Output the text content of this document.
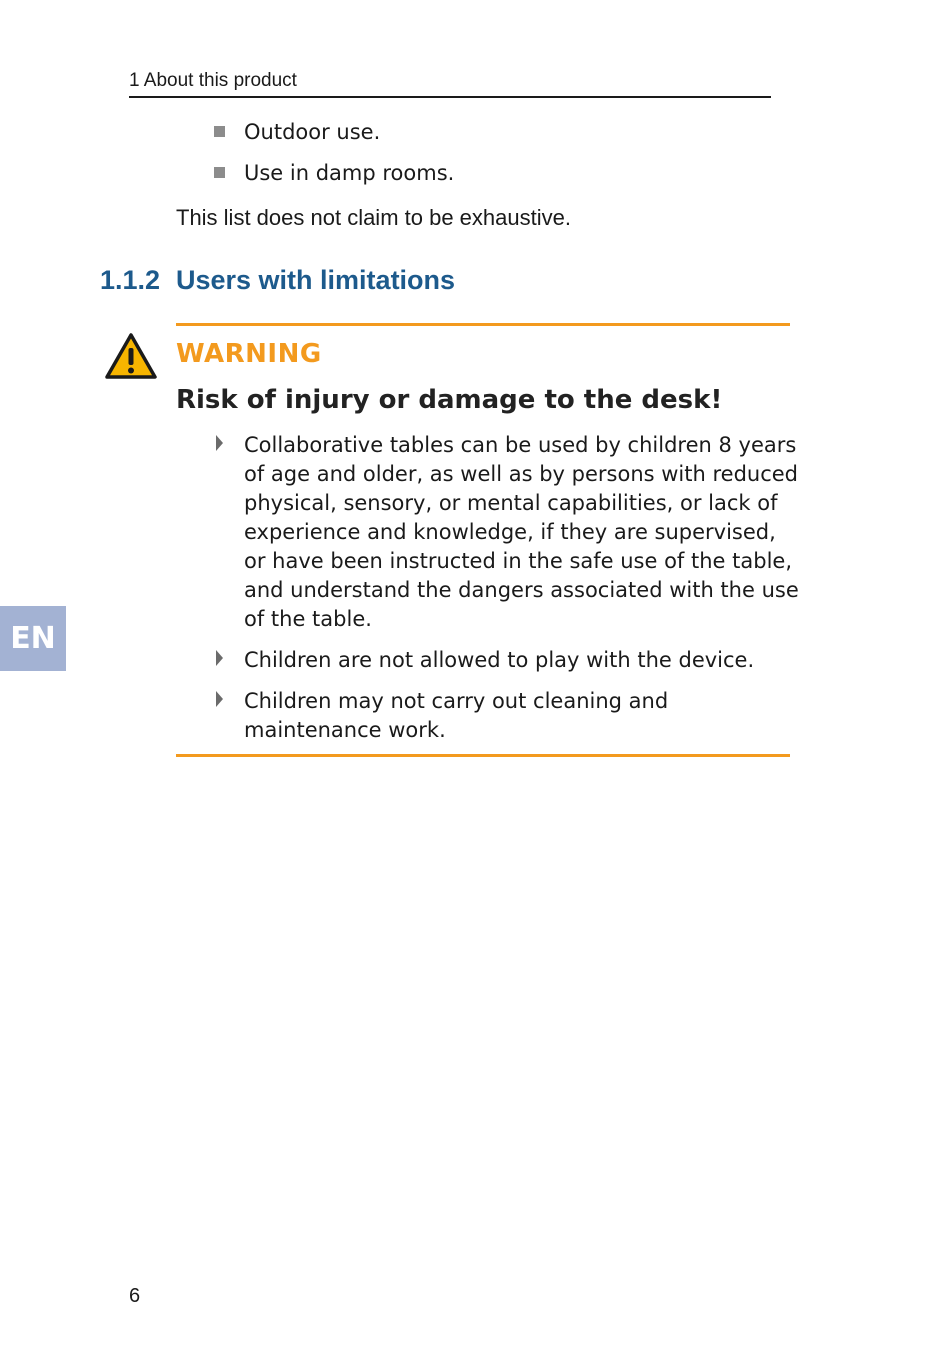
1 About this product
Outdoor use.
Use in damp rooms.
This list does not claim to be exhaustive.
1.1.2 Users with limitations
WARNING
Risk of injury or damage to the desk!
Collaborative tables can be used by children 8 years of age and older, as well as by persons with reduced physical, sensory, or mental capabilities, or lack of experience and knowledge, if they are supervised, or have been instructed in the safe use of the table, and understand the dangers associated with the use of the table.
Children are not allowed to play with the device.
Children may not carry out cleaning and maintenance work.
EN
6
